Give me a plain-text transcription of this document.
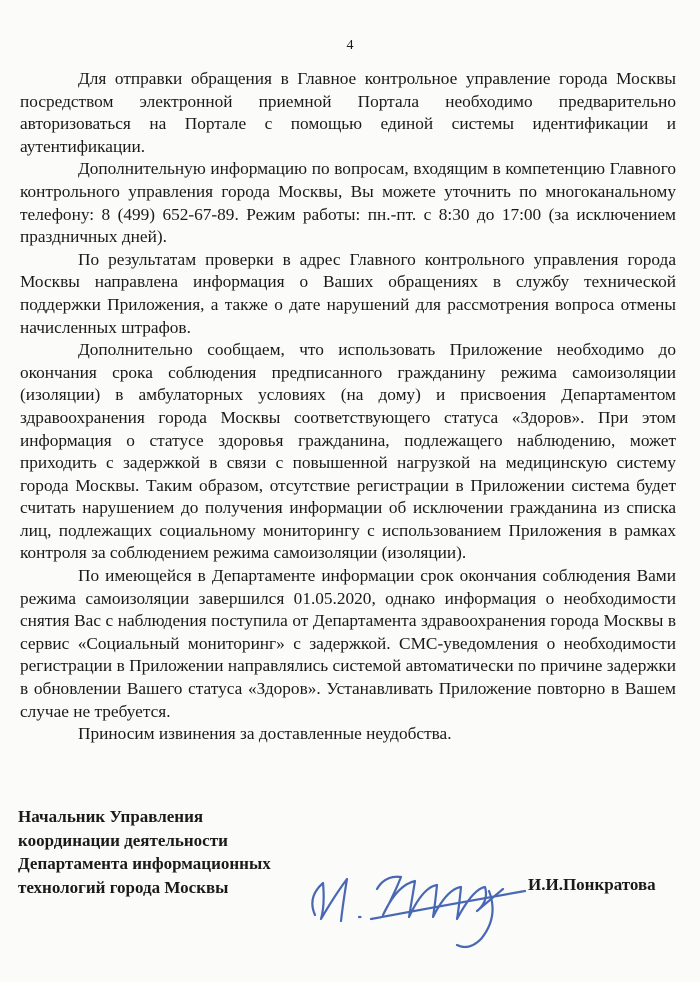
4

Для отправки обращения в Главное контрольное управление города Москвы посредством электронной приемной Портала необходимо предварительно авторизоваться на Портале с помощью единой системы идентификации и аутентификации.

Дополнительную информацию по вопросам, входящим в компетенцию Главного контрольного управления города Москвы, Вы можете уточнить по многоканальному телефону: 8 (499) 652-67-89. Режим работы: пн.-пт. с 8:30 до 17:00 (за исключением праздничных дней).

По результатам проверки в адрес Главного контрольного управления города Москвы направлена информация о Ваших обращениях в службу технической поддержки Приложения, а также о дате нарушений для рассмотрения вопроса отмены начисленных штрафов.

Дополнительно сообщаем, что использовать Приложение необходимо до окончания срока соблюдения предписанного гражданину режима самоизоляции (изоляции) в амбулаторных условиях (на дому) и присвоения Департаментом здравоохранения города Москвы соответствующего статуса «Здоров». При этом информация о статусе здоровья гражданина, подлежащего наблюдению, может приходить с задержкой в связи с повышенной нагрузкой на медицинскую систему города Москвы. Таким образом, отсутствие регистрации в Приложении система будет считать нарушением до получения информации об исключении гражданина из списка лиц, подлежащих социальному мониторингу с использованием Приложения в рамках контроля за соблюдением режима самоизоляции (изоляции).

По имеющейся в Департаменте информации срок окончания соблюдения Вами режима самоизоляции завершился 01.05.2020, однако информация о необходимости снятия Вас с наблюдения поступила от Департамента здравоохранения города Москвы в сервис «Социальный мониторинг» с задержкой. СМС-уведомления о необходимости регистрации в Приложении направлялись системой автоматически по причине задержки в обновлении Вашего статуса «Здоров». Устанавливать Приложение повторно в Вашем случае не требуется.

Приносим извинения за доставленные неудобства.

Начальник Управления
координации деятельности
Департамента информационных
технологий города Москвы	И.И.Понкратова
